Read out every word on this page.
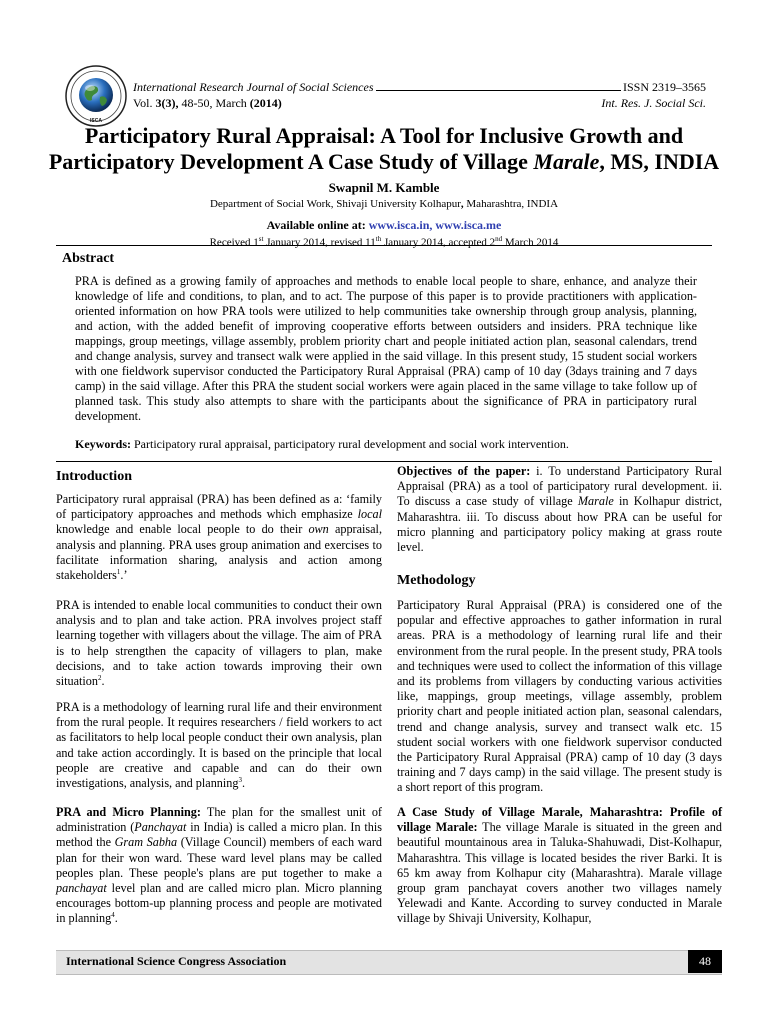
ISCA
International Research Journal of Social Sciences	ISSN 2319–3565
Vol. 3(3), 48-50, March (2014)	Int. Res. J. Social Sci.
Participatory Rural Appraisal: A Tool for Inclusive Growth and
Participatory Development A Case Study of Village Marale, MS, INDIA
Swapnil M. Kamble
Department of Social Work, Shivaji University Kolhapur, Maharashtra, INDIA
Available online at: www.isca.in, www.isca.me
Received 1st January 2014, revised 11th January 2014, accepted 2nd March 2014
Abstract
PRA is defined as a growing family of approaches and methods to enable local people to share, enhance, and analyze their knowledge of life and conditions, to plan, and to act. The purpose of this paper is to provide practitioners with application-oriented information on how PRA tools were utilized to help communities take ownership through group analysis, planning, and action, with the added benefit of improving cooperative efforts between outsiders and insiders. PRA technique like mappings, group meetings, village assembly, problem priority chart and people initiated action plan, seasonal calendars, trend and change analysis, survey and transect walk were applied in the said village. In this present study, 15 student social workers with one fieldwork supervisor conducted the Participatory Rural Appraisal (PRA) camp of 10 day (3days training and 7 days camp) in the said village. After this PRA the student social workers were again placed in the same village to take follow up of planned task. This study also attempts to share with the participants about the significance of PRA in participatory rural development.
Keywords: Participatory rural appraisal, participatory rural development and social work intervention.
Introduction

Participatory rural appraisal (PRA) has been defined as a: ‘family of participatory approaches and methods which emphasize local knowledge and enable local people to do their own appraisal, analysis and planning. PRA uses group animation and exercises to facilitate information sharing, analysis and action among stakeholders$^1$.’

PRA is intended to enable local communities to conduct their own analysis and to plan and take action. PRA involves project staff learning together with villagers about the village. The aim of PRA is to help strengthen the capacity of villagers to plan, make decisions, and to take action towards improving their own situation$^2$.

PRA is a methodology of learning rural life and their environment from the rural people. It requires researchers / field workers to act as facilitators to help local people conduct their own analysis, plan and take action accordingly. It is based on the principle that local people are creative and capable and can do their own investigations, analysis, and planning$^3$.

PRA and Micro Planning: The plan for the smallest unit of administration (Panchayat in India) is called a micro plan. In this method the Gram Sabha (Village Council) members of each ward plan for their won ward. These ward level plans may be called peoples plan. These people's plans are put together to make a panchayat level plan and are called micro plan. Micro planning encourages bottom-up planning process and people are motivated in planning$^4$.

Objectives of the paper: i. To understand Participatory Rural Appraisal (PRA) as a tool of participatory rural development. ii. To discuss a case study of village Marale in Kolhapur district, Maharashtra. iii. To discuss about how PRA can be useful for micro planning and participatory policy making at grass route level.

Methodology

Participatory Rural Appraisal (PRA) is considered one of the popular and effective approaches to gather information in rural areas. PRA is a methodology of learning rural life and their environment from the rural people. In the present study, PRA tools and techniques were used to collect the information of this village and its problems from villagers by conducting various activities like, mappings, group meetings, village assembly, problem priority chart and people initiated action plan, seasonal calendars, trend and change analysis, survey and transect walk etc. 15 student social workers with one fieldwork supervisor conducted the Participatory Rural Appraisal (PRA) camp of 10 day (3 days training and 7 days camp) in the said village. The present study is a short report of this program.

A Case Study of Village Marale, Maharashtra: Profile of village Marale: The village Marale is situated in the green and beautiful mountainous area in Taluka-Shahuwadi, Dist-Kolhapur, Maharashtra. This village is located besides the river Barki. It is 65 km away from Kolhapur city (Maharashtra). Marale village group gram panchayat covers another two villages namely Yelewadi and Kante. According to survey conducted in Marale village by Shivaji University, Kolhapur,

International Science Congress Association	48
